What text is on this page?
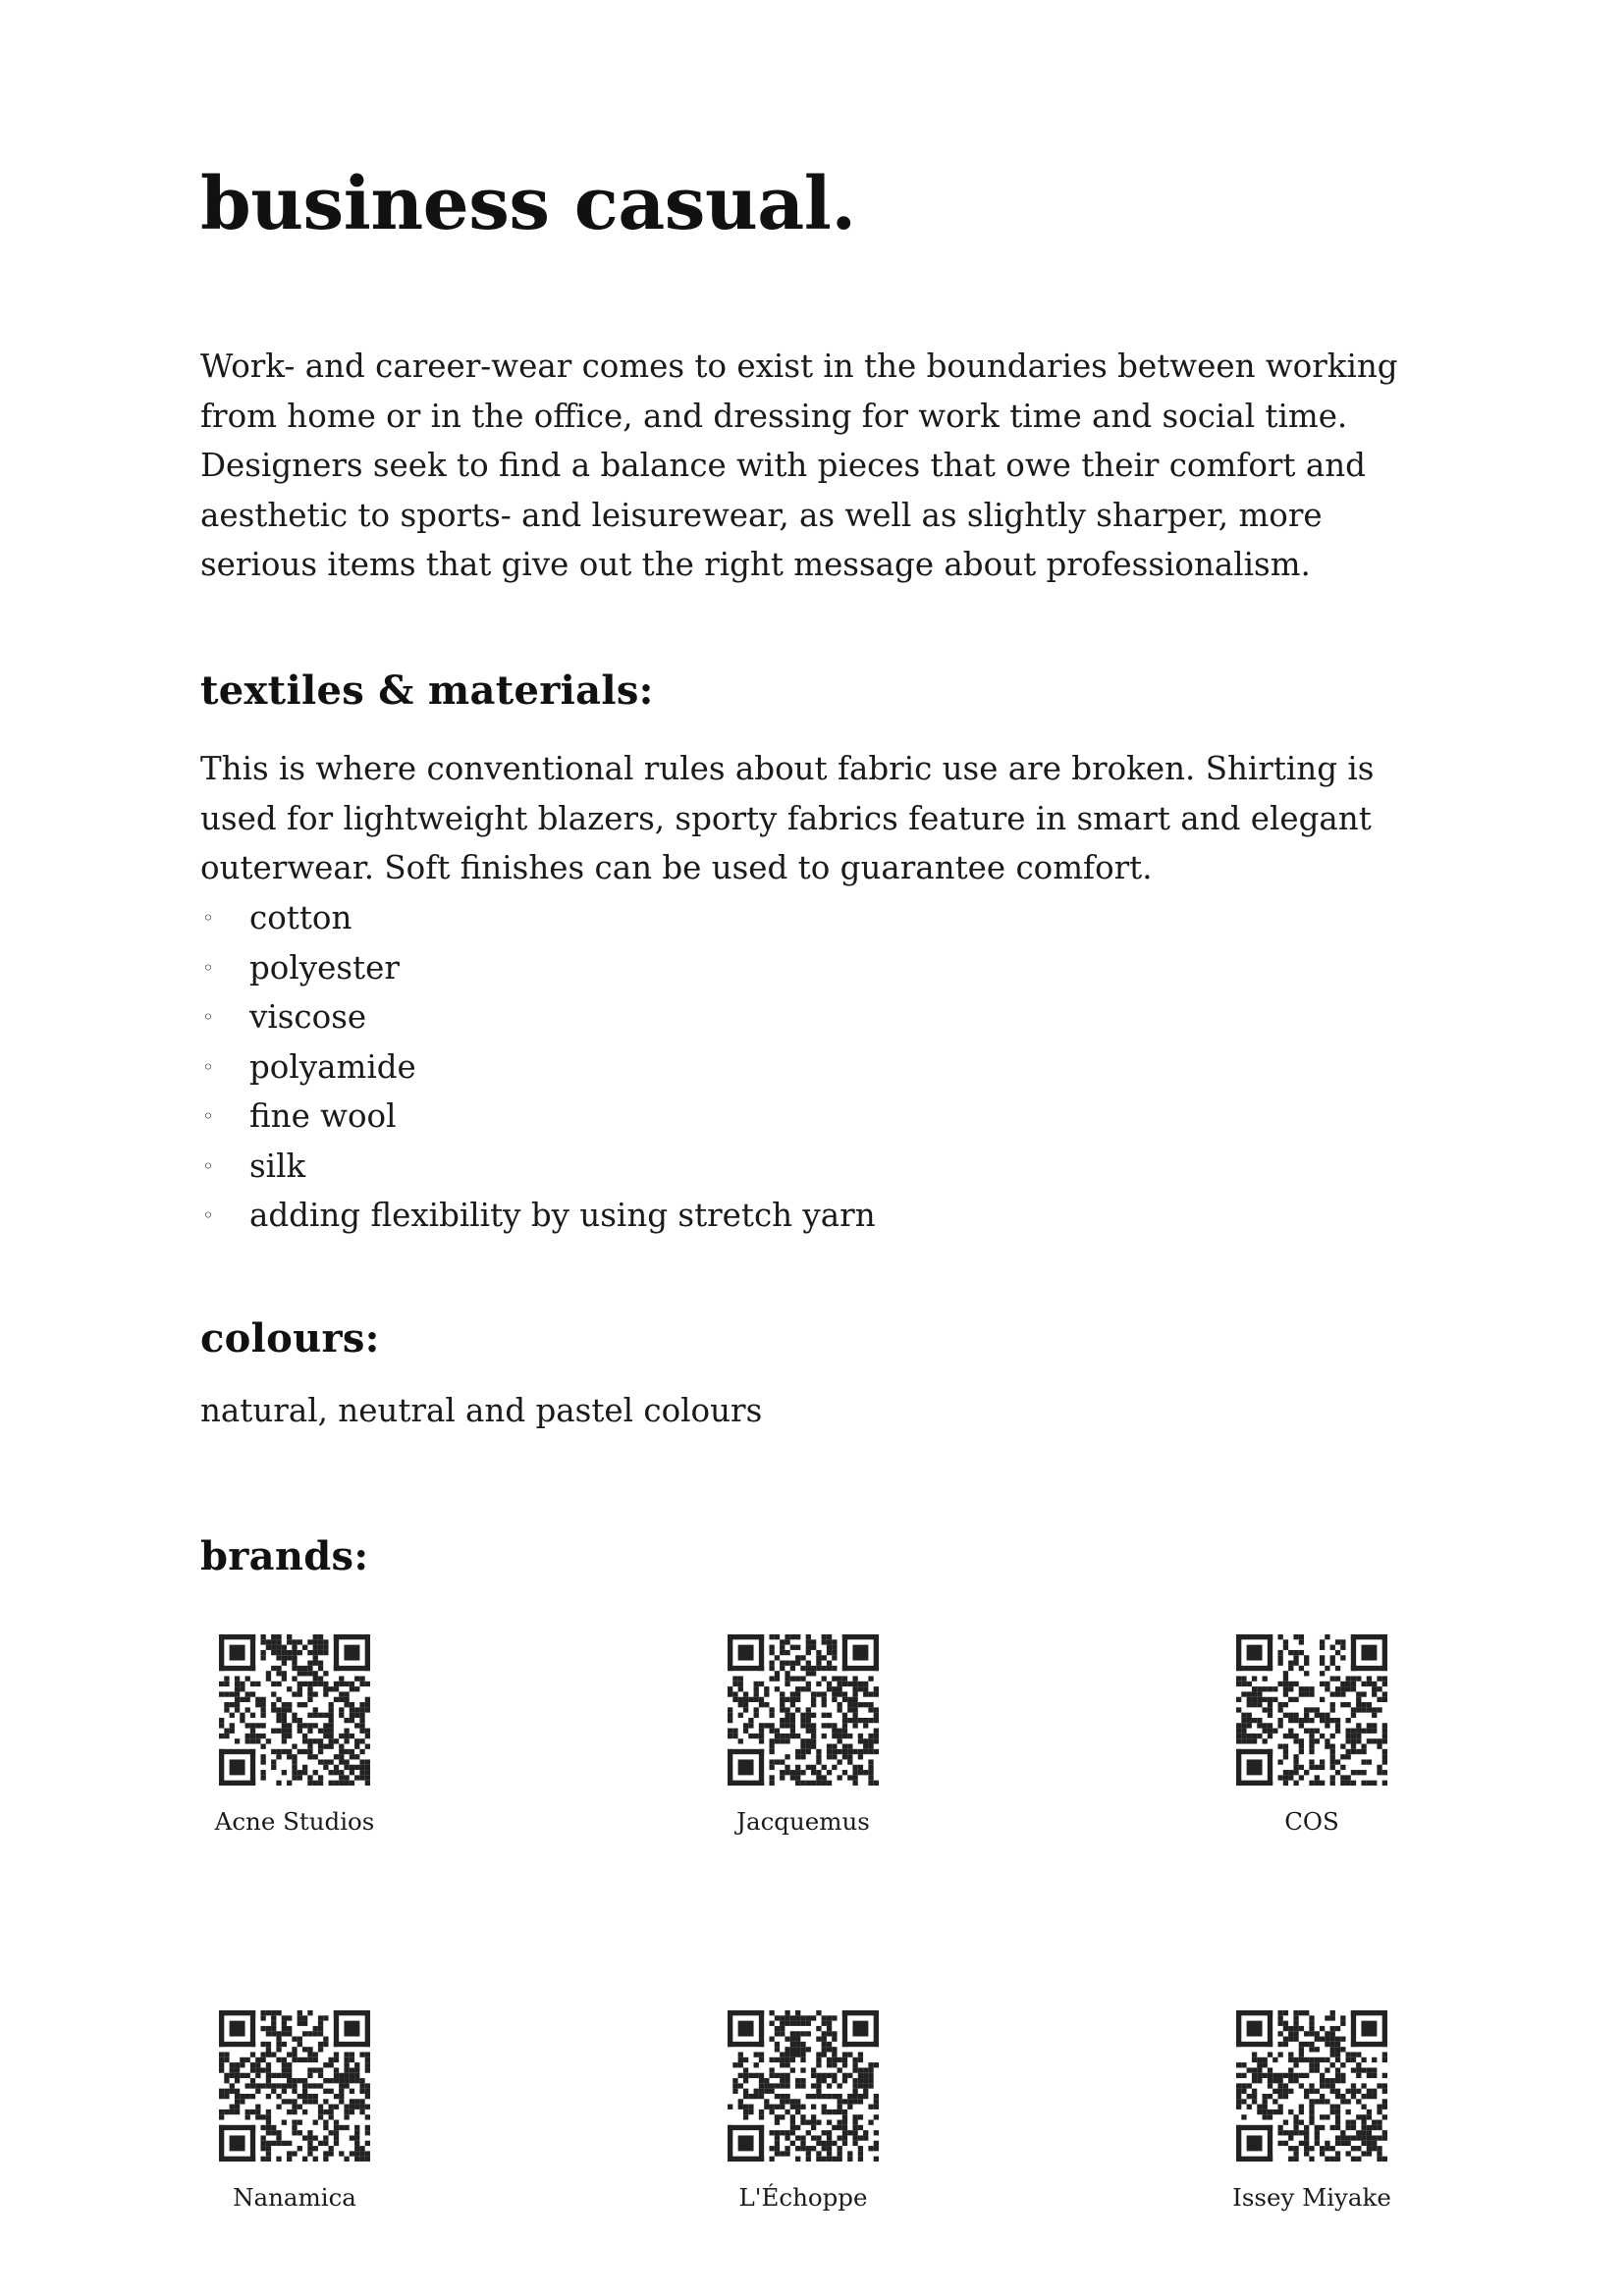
business casual.

Work- and career-wear comes to exist in the boundaries between working from home or in the office, and dressing for work time and social time. Designers seek to find a balance with pieces that owe their comfort and aesthetic to sports- and leisurewear, as well as slightly sharper, more serious items that give out the right message about professionalism.

textiles & materials:

This is where conventional rules about fabric use are broken. Shirting is used for lightweight blazers, sporty fabrics feature in smart and elegant outerwear. Soft finishes can be used to guarantee comfort.

◦ cotton
◦ polyester
◦ viscose
◦ polyamide
◦ fine wool
◦ silk
◦ adding flexibility by using stretch yarn
colours:

natural, neutral and pastel colours

brands:
Acne Studios	Jacquemus	COS
Nanamica	L'Échoppe	Issey Miyake
